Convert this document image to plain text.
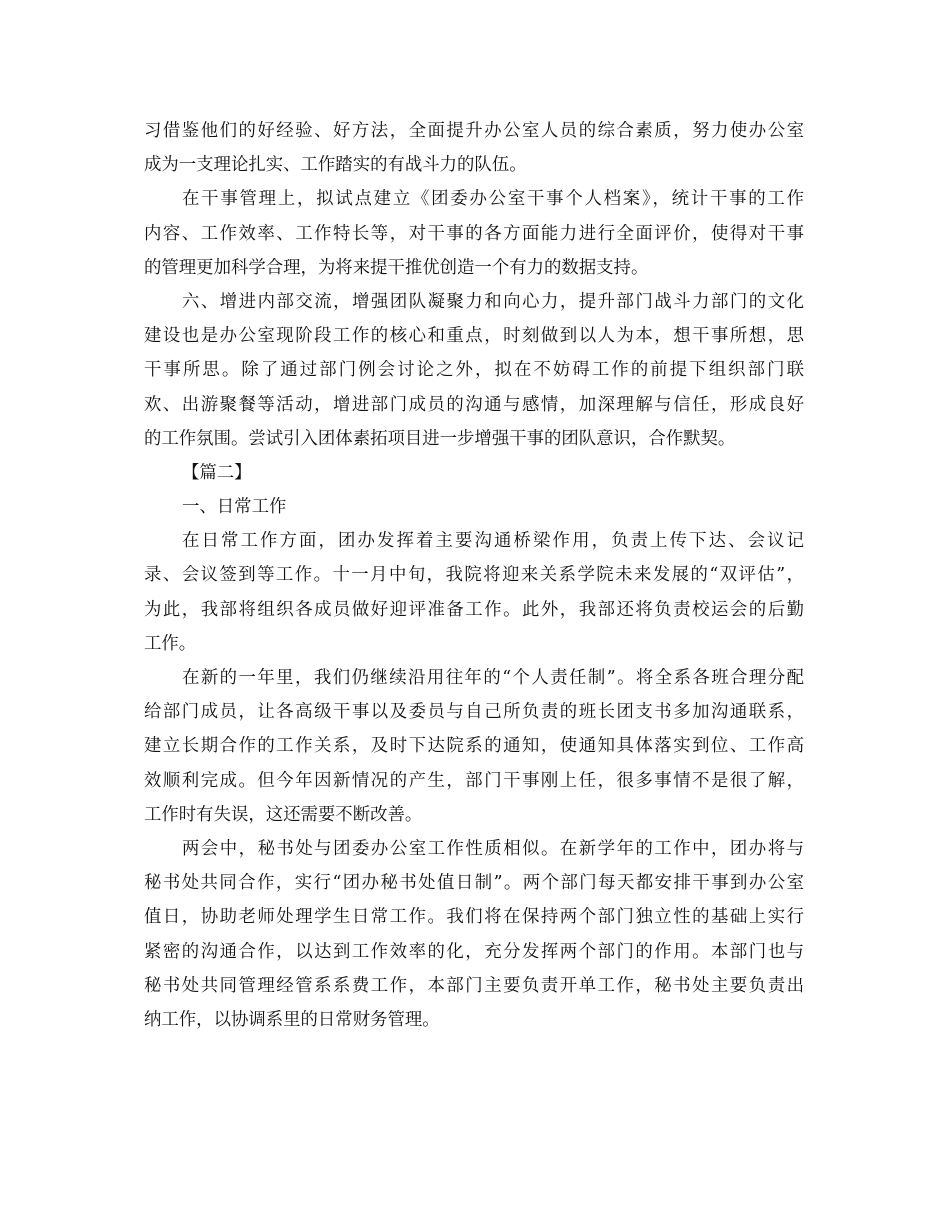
习借鉴他们的好经验、好方法，全面提升办公室人员的综合素质，努力使办公室
成为一支理论扎实、工作踏实的有战斗力的队伍。
在干事管理上，拟试点建立《团委办公室干事个人档案》，统计干事的工作
内容、工作效率、工作特长等，对干事的各方面能力进行全面评价，使得对干事
的管理更加科学合理，为将来提干推优创造一个有力的数据支持。
六、增进内部交流，增强团队凝聚力和向心力，提升部门战斗力部门的文化
建设也是办公室现阶段工作的核心和重点，时刻做到以人为本，想干事所想，思
干事所思。除了通过部门例会讨论之外，拟在不妨碍工作的前提下组织部门联
欢、出游聚餐等活动，增进部门成员的沟通与感情，加深理解与信任，形成良好
的工作氛围。尝试引入团体素拓项目进一步增强干事的团队意识，合作默契。
【篇二】
一、日常工作
在日常工作方面，团办发挥着主要沟通桥梁作用，负责上传下达、会议记
录、会议签到等工作。十一月中旬，我院将迎来关系学院未来发展的“双评估”，
为此，我部将组织各成员做好迎评准备工作。此外，我部还将负责校运会的后勤
工作。
在新的一年里，我们仍继续沿用往年的“个人责任制”。将全系各班合理分配
给部门成员，让各高级干事以及委员与自己所负责的班长团支书多加沟通联系，
建立长期合作的工作关系，及时下达院系的通知，使通知具体落实到位、工作高
效顺利完成。但今年因新情况的产生，部门干事刚上任，很多事情不是很了解，
工作时有失误，这还需要不断改善。
两会中，秘书处与团委办公室工作性质相似。在新学年的工作中，团办将与
秘书处共同合作，实行“团办秘书处值日制”。两个部门每天都安排干事到办公室
值日，协助老师处理学生日常工作。我们将在保持两个部门独立性的基础上实行
紧密的沟通合作，以达到工作效率的化，充分发挥两个部门的作用。本部门也与
秘书处共同管理经管系系费工作，本部门主要负责开单工作，秘书处主要负责出
纳工作，以协调系里的日常财务管理。
